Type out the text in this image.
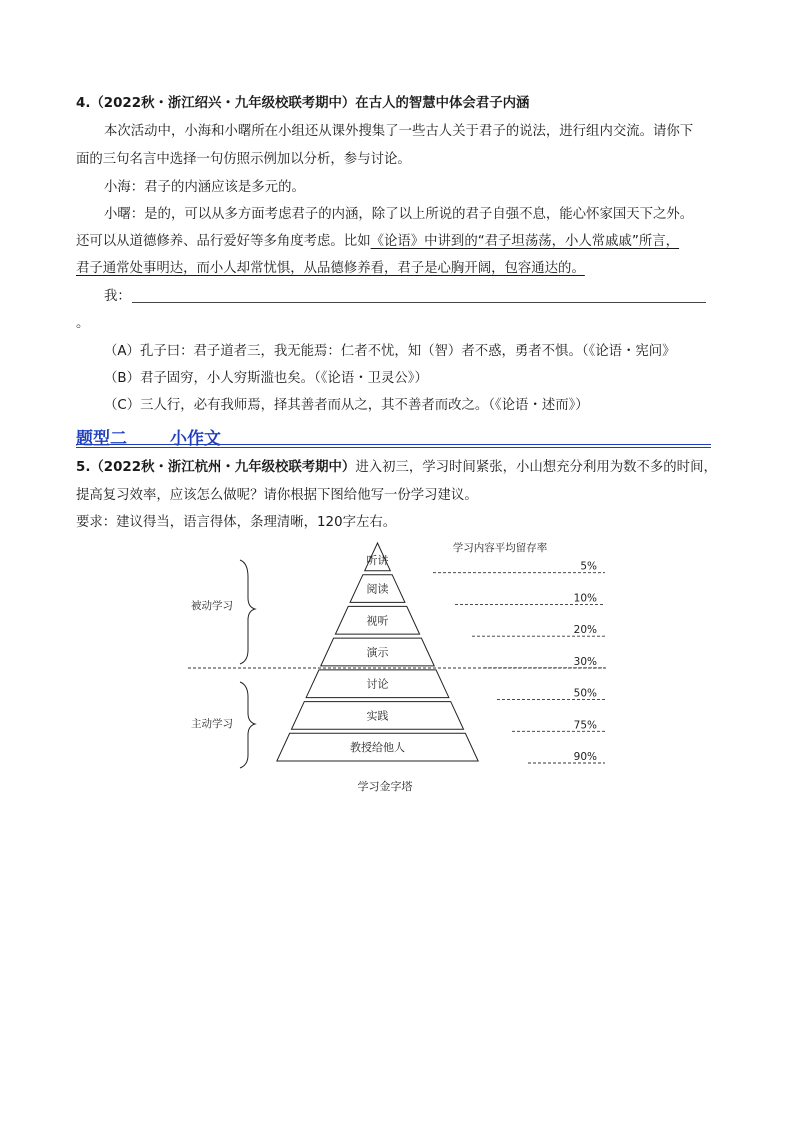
4.（2022秋・浙江绍兴・九年级校联考期中）在古人的智慧中体会君子内涵
本次活动中，小海和小曙所在小组还从课外搜集了一些古人关于君子的说法，进行组内交流。请你下
面的三句名言中选择一句仿照示例加以分析，参与讨论。
小海：君子的内涵应该是多元的。
小曙：是的，可以从多方面考虑君子的内涵，除了以上所说的君子自强不息，能心怀家国天下之外。
还可以从道德修养、品行爱好等多角度考虑。比如《论语》中讲到的“君子坦荡荡，小人常戚戚”所言，
君子通常处事明达，而小人却常忧惧，从品德修养看，君子是心胸开阔，包容通达的。
我：
。
（A）孔子曰：君子道者三，我无能焉：仁者不忧，知（智）者不惑，勇者不惧。（《论语・宪问》
（B）君子固穷，小人穷斯滥也矣。（《论语・卫灵公》）
（C）三人行，必有我师焉，择其善者而从之，其不善者而改之。（《论语・述而》）
题型二	小作文
5.（2022秋・浙江杭州・九年级校联考期中）进入初三，学习时间紧张，小山想充分利用为数不多的时间，
提高复习效率，应该怎么做呢？请你根据下图给他写一份学习建议。
要求：建议得当，语言得体，条理清晰，120字左右。
学习内容平均留存率
被动学习
主动学习
听讲	5%
阅读
10%
视听
20%
演示
30%
讨论
50%
实践
75%
教授给他人
90%
学习金字塔
